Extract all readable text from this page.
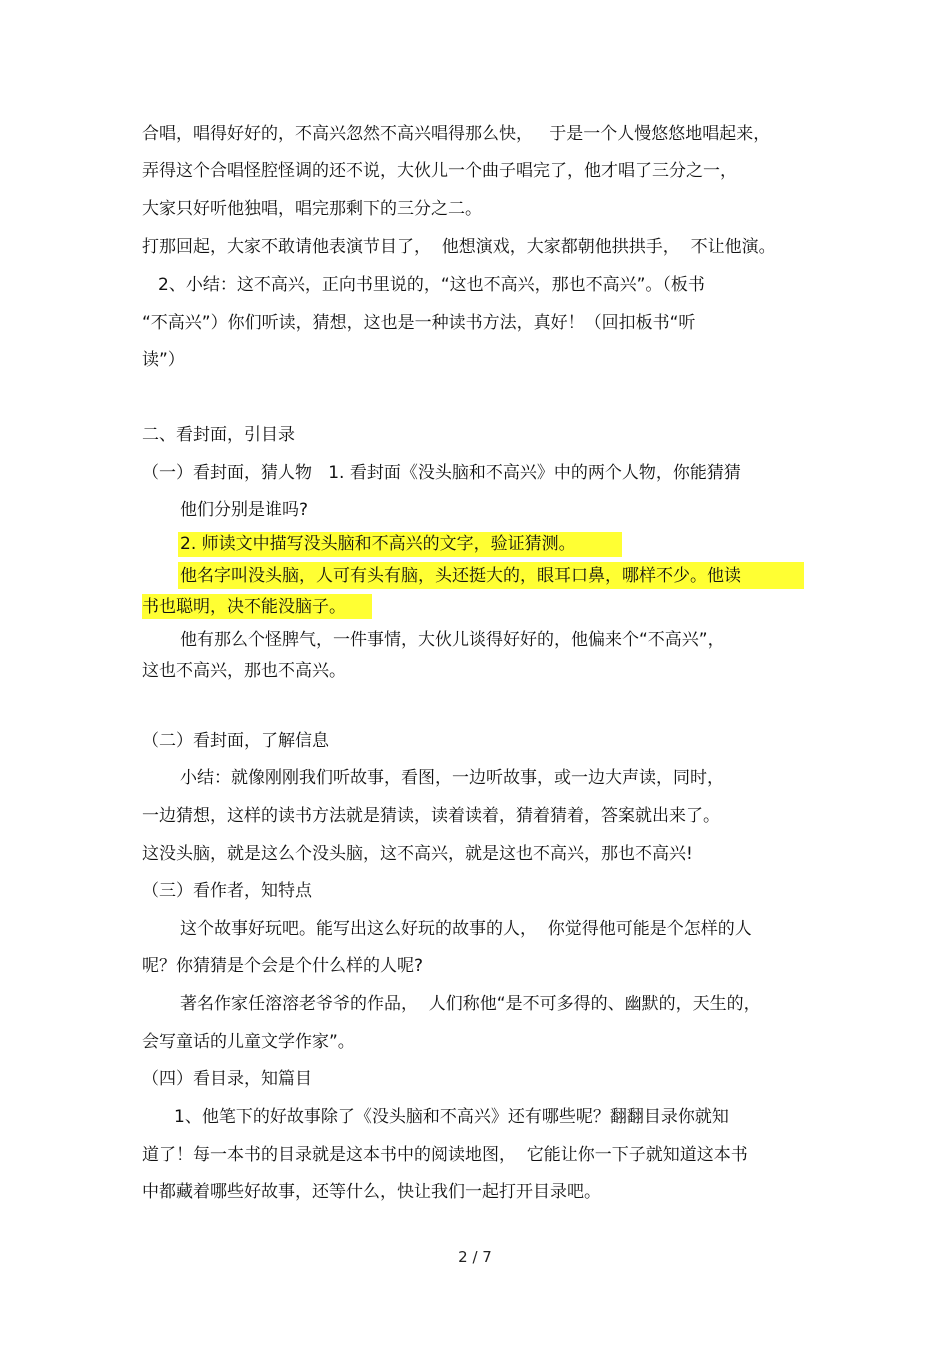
合唱，唱得好好的，不高兴忽然不高兴唱得那么快，   于是一个人慢悠悠地唱起来，
弄得这个合唱怪腔怪调的还不说，大伙儿一个曲子唱完了，他才唱了三分之一，
大家只好听他独唱，唱完那剩下的三分之二。
打那回起，大家不敢请他表演节目了，  他想演戏，大家都朝他拱拱手，  不让他演。
2、小结：这不高兴，正向书里说的，“这也不高兴，那也不高兴”。（板书
“不高兴”）你们听读，猜想，这也是一种读书方法，真好！（回扣板书“听
读”）
二、看封面，引目录
（一）看封面，猜人物   1. 看封面《没头脑和不高兴》中的两个人物，你能猜猜
他们分别是谁吗?
2. 师读文中描写没头脑和不高兴的文字，验证猜测。
他名字叫没头脑，人可有头有脑，头还挺大的，眼耳口鼻，哪样不少。他读
书也聪明，决不能没脑子。
他有那么个怪脾气，一件事情，大伙儿谈得好好的，他偏来个“不高兴”，
这也不高兴，那也不高兴。
（二）看封面，了解信息
小结：就像刚刚我们听故事，看图，一边听故事，或一边大声读，同时，
一边猜想，这样的读书方法就是猜读，读着读着，猜着猜着，答案就出来了。
这没头脑，就是这么个没头脑，这不高兴，就是这也不高兴，那也不高兴!
（三）看作者，知特点
这个故事好玩吧。能写出这么好玩的故事的人，  你觉得他可能是个怎样的人
呢？你猜猜是个会是个什么样的人呢?
著名作家任溶溶老爷爷的作品，  人们称他“是不可多得的、幽默的，天生的，
会写童话的儿童文学作家”。
（四）看目录，知篇目
1、他笔下的好故事除了《没头脑和不高兴》还有哪些呢？翻翻目录你就知
道了！每一本书的目录就是这本书中的阅读地图，  它能让你一下子就知道这本书
中都藏着哪些好故事，还等什么，快让我们一起打开目录吧。
2 / 7
